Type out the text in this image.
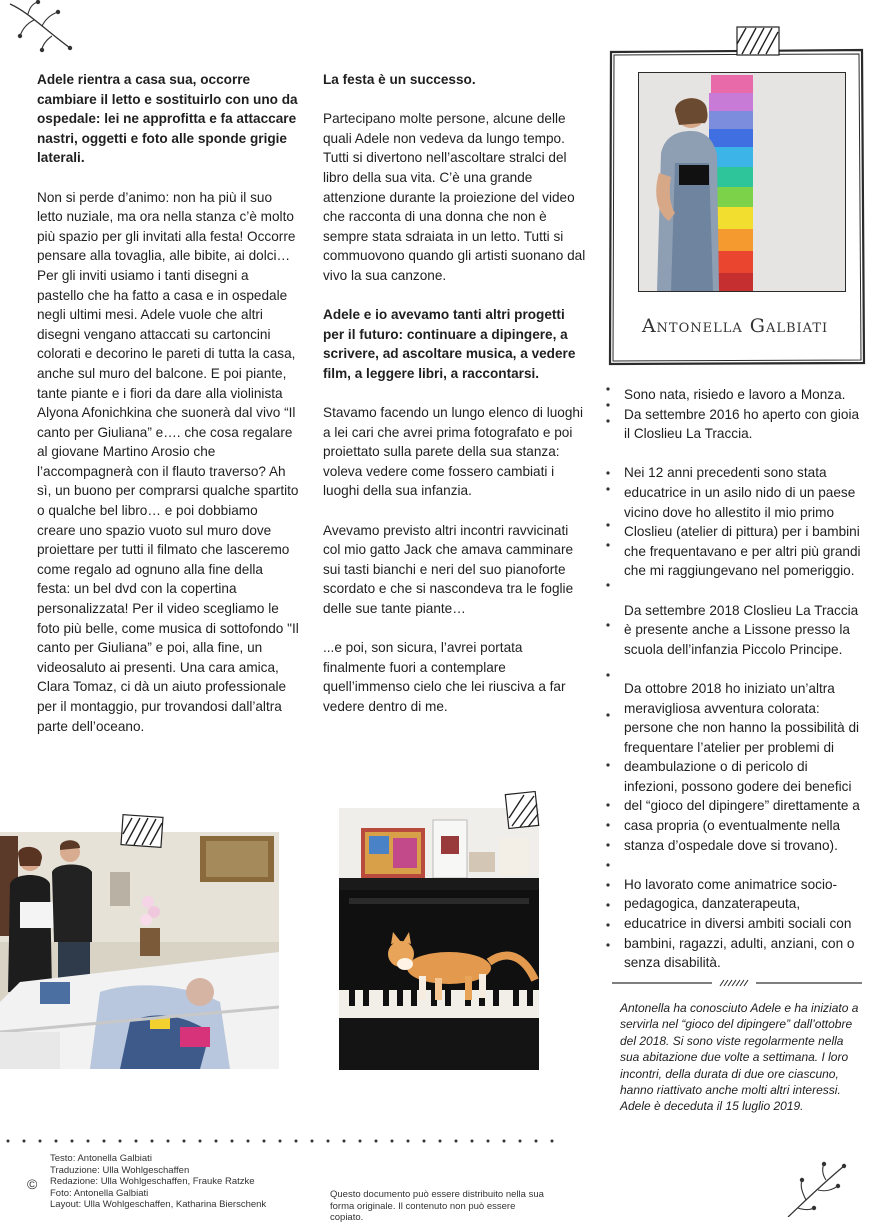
Adele rientra a casa sua, occorre cambiare il letto e sostituirlo con uno da ospedale: lei ne approfitta e fa attaccare nastri, oggetti e foto alle sponde grigie laterali.

Non si perde d’animo: non ha più il suo letto nuziale, ma ora nella stanza c’è molto più spazio per gli invitati alla festa! Occorre pensare alla tovaglia, alle bibite, ai dolci… Per gli inviti usiamo i tanti disegni a pastello che ha fatto a casa e in ospedale negli ultimi mesi. Adele vuole che altri disegni vengano attaccati su cartoncini colorati e decorino le pareti di tutta la casa, anche sul muro del balcone. E poi piante, tante piante e i fiori da dare alla violinista Alyona Afonichkina che suonerà dal vivo “Il canto per Giuliana” e…. che cosa regalare al giovane Martino Arosio che l’accompagnerà con il flauto traverso? Ah sì, un buono per comprarsi qualche spartito o qualche bel libro… e poi dobbiamo creare uno spazio vuoto sul muro dove proiettare per tutti il filmato che lasceremo come regalo ad ognuno alla fine della festa: un bel dvd con la copertina personalizzata! Per il video scegliamo le foto più belle, come musica di sottofondo "Il canto per Giuliana” e poi, alla fine, un videosaluto ai presenti. Una cara amica, Clara Tomaz, ci dà un aiuto professionale per il montaggio, pur trovandosi dall’altra parte dell’oceano.

La festa è un successo.

Partecipano molte persone, alcune delle quali Adele non vedeva da lungo tempo. Tutti si divertono nell’ascoltare stralci del libro della sua vita. C’è una grande attenzione durante la proiezione del video che racconta di una donna che non è sempre stata sdraiata in un letto. Tutti si commuovono quando gli artisti suonano dal vivo la sua canzone.

Adele e io avevamo tanti altri progetti per il futuro: continuare a dipingere, a scrivere, ad ascoltare musica, a vedere film, a leggere libri, a raccontarsi.

Stavamo facendo un lungo elenco di luoghi a lei cari che avrei prima fotografato e poi proiettato sulla parete della sua stanza: voleva vedere come fossero cambiati i luoghi della sua infanzia.

Avevamo previsto altri incontri ravvicinati col mio gatto Jack che amava camminare sui tasti bianchi e neri del suo pianoforte scordato e che si nascondeva tra le foglie delle sue tante piante…

...e poi, son sicura, l’avrei portata finalmente fuori a contemplare quell’immenso cielo che lei riusciva a far vedere dentro di me.

Antonella Galbiati

Sono nata, risiedo e lavoro a Monza. Da settembre 2016 ho aperto con gioia il Closlieu La Traccia.

Nei 12 anni precedenti sono stata educatrice in un asilo nido di un paese vicino dove ho allestito il mio primo Closlieu (atelier di pittura) per i bambini che frequentavano e per altri più grandi che mi raggiungevano nel pomeriggio.

Da settembre 2018 Closlieu La Traccia è presente anche a Lissone presso la scuola dell’infanzia Piccolo Principe.

Da ottobre 2018 ho iniziato un’altra meravigliosa avventura colorata: persone che non hanno la possibilità di frequentare l’atelier per problemi di deambulazione o di pericolo di infezioni, possono godere dei benefici del “gioco del dipingere” direttamente a casa propria (o eventualmente nella stanza d’ospedale dove si trovano).

Ho lavorato come animatrice socio-pedagogica, danzaterapeuta, educatrice in diversi ambiti sociali con bambini, ragazzi, adulti, anziani, con o senza disabilità.

Antonella ha conosciuto Adele e ha iniziato a servirla nel “gioco del dipingere” dall’ottobre del 2018. Si sono viste regolarmente nella sua abitazione due volte a settimana. I loro incontri, della durata di due ore ciascuno, hanno riattivato anche molti altri interessi.
Adele è deceduta il 15 luglio 2019.
©
Testo: Antonella Galbiati
Traduzione: Ulla Wohlgeschaffen
Redazione: Ulla Wohlgeschaffen, Frauke Ratzke
Foto: Antonella Galbiati
Layout: Ulla Wohlgeschaffen, Katharina Bierschenk
Questo documento può essere distribuito nella sua
forma originale. Il contenuto non può essere copiato.
